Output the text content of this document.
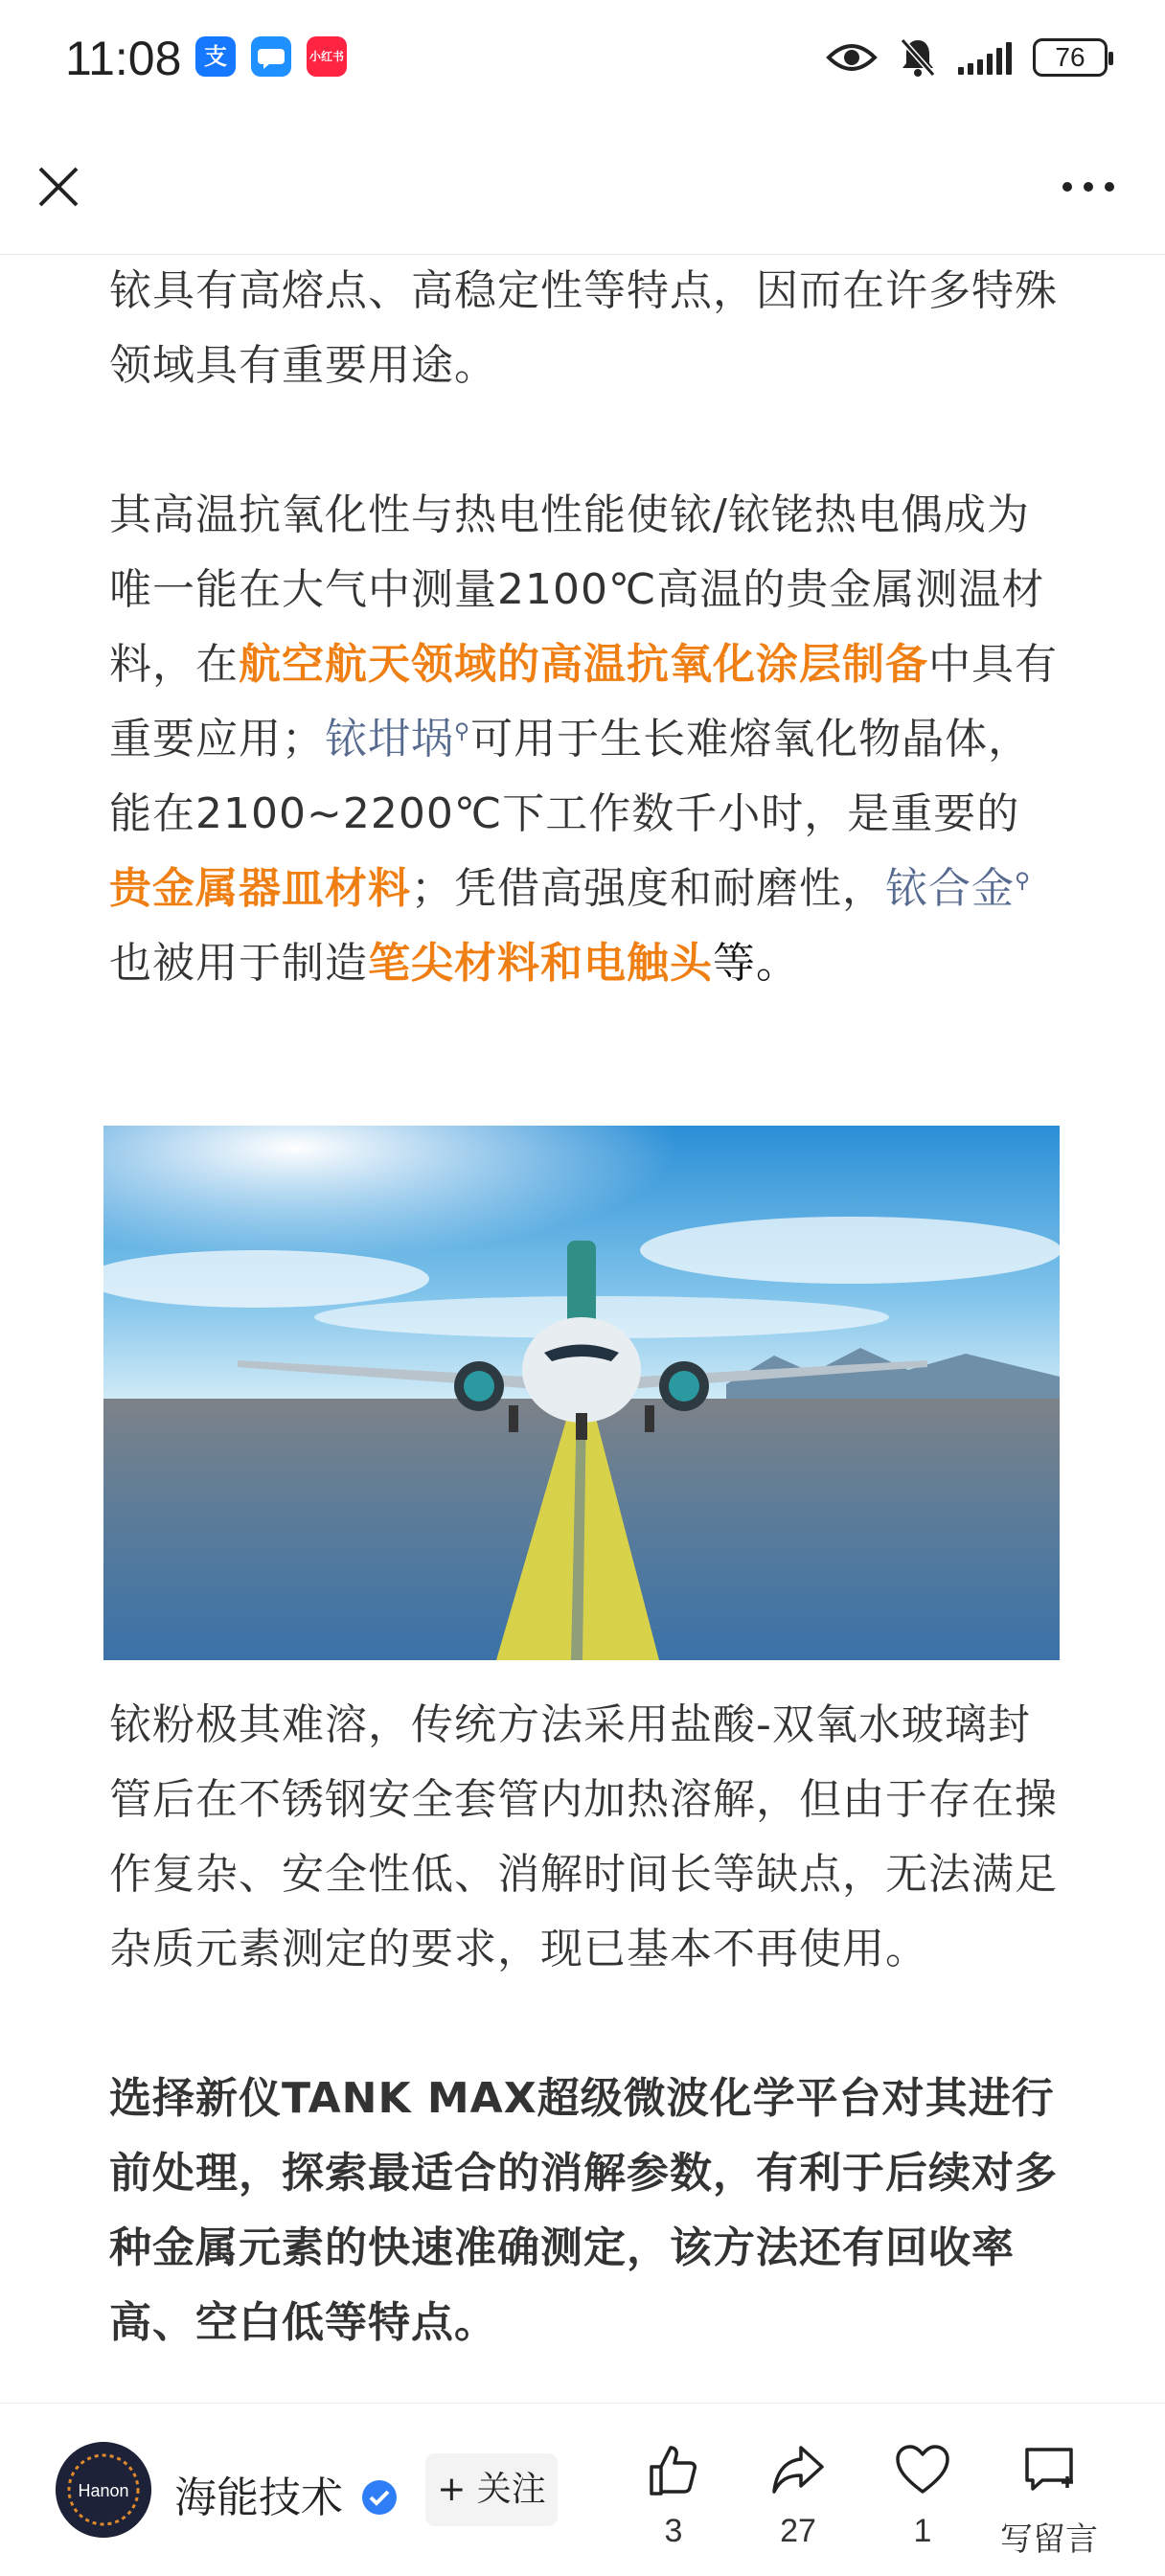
11:08 支	小红书	76

铱具有高熔点、高稳定性等特点，因而在许多特殊领域具有重要用途。

其高温抗氧化性与热电性能使铱/铱铑热电偶成为唯一能在大气中测量2100℃高温的贵金属测温材料，在航空航天领域的高温抗氧化涂层制备中具有重要应用；铱坩埚⚲可用于生长难熔氧化物晶体，能在2100~2200℃下工作数千小时，是重要的贵金属器皿材料；凭借高强度和耐磨性，铱合金⚲也被用于制造笔尖材料和电触头等。

铱粉极其难溶，传统方法采用盐酸-双氧水玻璃封管后在不锈钢安全套管内加热溶解，但由于存在操作复杂、安全性低、消解时间长等缺点，无法满足杂质元素测定的要求，现已基本不再使用。

选择新仪TANK MAX超级微波化学平台对其进行前处理，探索最适合的消解参数，有利于后续对多种金属元素的快速准确测定，该方法还有回收率高、空白低等特点。

Hanon 海能技术	+ 关注
3	27	1	写留言
